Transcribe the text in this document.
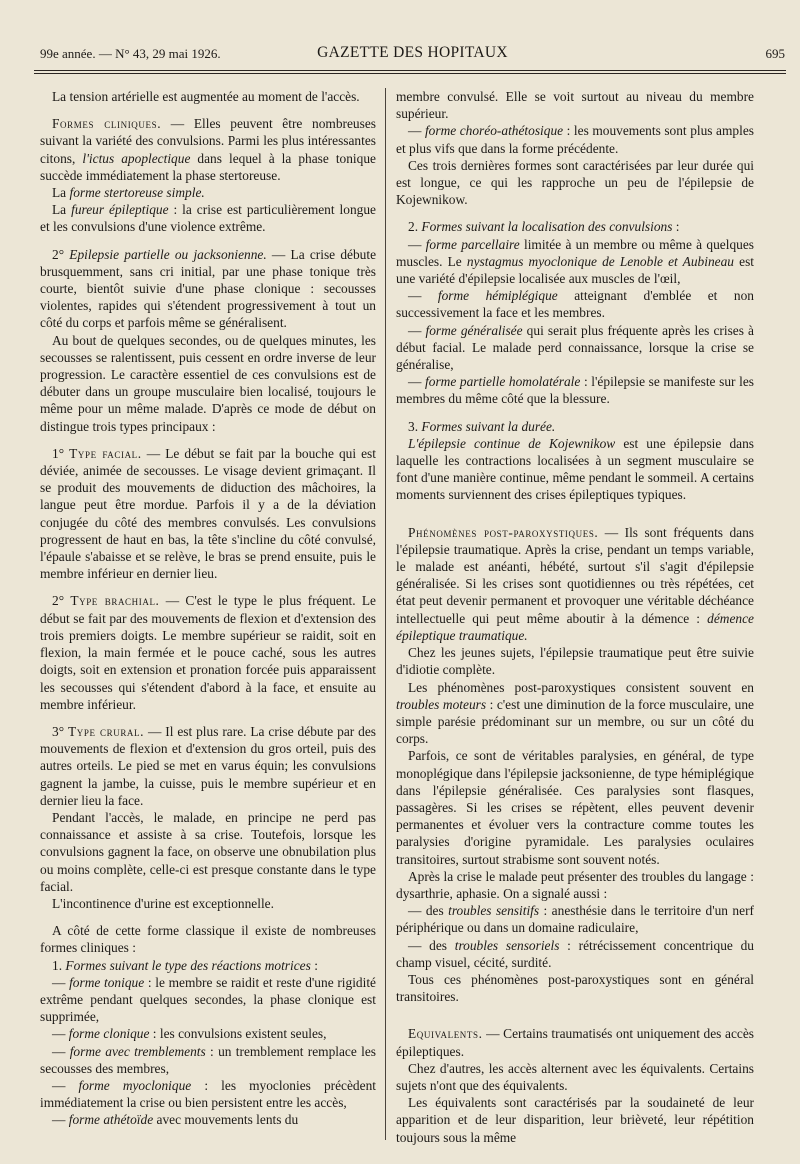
99e année. — N° 43, 29 mai 1926.	GAZETTE DES HOPITAUX	695

La tension artérielle est augmentée au moment de l'accès.

Formes cliniques. — Elles peuvent être nombreuses suivant la variété des convulsions. Parmi les plus intéressantes citons, l'ictus apoplectique dans lequel à la phase tonique succède immédiatement la phase stertoreuse.

La forme stertoreuse simple.

La fureur épileptique : la crise est particulièrement longue et les convulsions d'une violence extrême.

2° Epilepsie partielle ou jacksonienne. — La crise débute brusquemment, sans cri initial, par une phase tonique très courte, bientôt suivie d'une phase clonique : secousses violentes, rapides qui s'étendent progressivement à tout un côté du corps et parfois même se généralisent.

Au bout de quelques secondes, ou de quelques minutes, les secousses se ralentissent, puis cessent en ordre inverse de leur progression. Le caractère essentiel de ces convulsions est de débuter dans un groupe musculaire bien localisé, toujours le même pour un même malade. D'après ce mode de début on distingue trois types principaux :

1° Type facial. — Le début se fait par la bouche qui est déviée, animée de secousses. Le visage devient grimaçant. Il se produit des mouvements de diduction des mâchoires, la langue peut être mordue. Parfois il y a de la déviation conjugée du côté des membres convulsés. Les convulsions progressent de haut en bas, la tête s'incline du côté convulsé, l'épaule s'abaisse et se relève, le bras se prend ensuite, puis le membre inférieur en dernier lieu.

2° Type brachial. — C'est le type le plus fréquent. Le début se fait par des mouvements de flexion et d'extension des trois premiers doigts. Le membre supérieur se raidit, soit en flexion, la main fermée et le pouce caché, sous les autres doigts, soit en extension et pronation forcée puis apparaissent les secousses qui s'étendent d'abord à la face, et ensuite au membre inférieur.

3° Type crural. — Il est plus rare. La crise débute par des mouvements de flexion et d'extension du gros orteil, puis des autres orteils. Le pied se met en varus équin; les convulsions gagnent la jambe, la cuisse, puis le membre supérieur et en dernier lieu la face.

Pendant l'accès, le malade, en principe ne perd pas connaissance et assiste à sa crise. Toutefois, lorsque les convulsions gagnent la face, on observe une obnubilation plus ou moins complète, celle-ci est presque constante dans le type facial.

L'incontinence d'urine est exceptionnelle.

A côté de cette forme classique il existe de nombreuses formes cliniques :

1. Formes suivant le type des réactions motrices :

— forme tonique : le membre se raidit et reste d'une rigidité extrême pendant quelques secondes, la phase clonique est supprimée,

— forme clonique : les convulsions existent seules,

— forme avec tremblements : un tremblement remplace les secousses des membres,

— forme myoclonique : les myoclonies précèdent immédiatement la crise ou bien persistent entre les accès,

— forme athétoïde avec mouvements lents du

membre convulsé. Elle se voit surtout au niveau du membre supérieur.

— forme choréo-athétosique : les mouvements sont plus amples et plus vifs que dans la forme précédente.

Ces trois dernières formes sont caractérisées par leur durée qui est longue, ce qui les rapproche un peu de l'épilepsie de Kojewnikow.

2. Formes suivant la localisation des convulsions :

— forme parcellaire limitée à un membre ou même à quelques muscles. Le nystagmus myoclonique de Lenoble et Aubineau est une variété d'épilepsie localisée aux muscles de l'œil,

— forme hémiplégique atteignant d'emblée et non successivement la face et les membres.

— forme généralisée qui serait plus fréquente après les crises à début facial. Le malade perd connaissance, lorsque la crise se généralise,

— forme partielle homolatérale : l'épilepsie se manifeste sur les membres du même côté que la blessure.

3. Formes suivant la durée.

L'épilepsie continue de Kojewnikow est une épilepsie dans laquelle les contractions localisées à un segment musculaire se font d'une manière continue, même pendant le sommeil. A certains moments surviennent des crises épileptiques typiques.

Phénomènes post-paroxystiques. — Ils sont fréquents dans l'épilepsie traumatique. Après la crise, pendant un temps variable, le malade est anéanti, hébété, surtout s'il s'agit d'épilepsie généralisée. Si les crises sont quotidiennes ou très répétées, cet état peut devenir permanent et provoquer une véritable déchéance intellectuelle qui peut même aboutir à la démence : démence épileptique traumatique.

Chez les jeunes sujets, l'épilepsie traumatique peut être suivie d'idiotie complète.

Les phénomènes post-paroxystiques consistent souvent en troubles moteurs : c'est une diminution de la force musculaire, une simple parésie prédominant sur un membre, ou sur un côté du corps.

Parfois, ce sont de véritables paralysies, en général, de type monoplégique dans l'épilepsie jacksonienne, de type hémiplégique dans l'épilepsie généralisée. Ces paralysies sont flasques, passagères. Si les crises se répètent, elles peuvent devenir permanentes et évoluer vers la contracture comme toutes les paralysies d'origine pyramidale. Les paralysies oculaires transitoires, surtout strabisme sont souvent notés.

Après la crise le malade peut présenter des troubles du langage : dysarthrie, aphasie. On a signalé aussi :

— des troubles sensitifs : anesthésie dans le territoire d'un nerf périphérique ou dans un domaine radiculaire,

— des troubles sensoriels : rétrécissement concentrique du champ visuel, cécité, surdité.

Tous ces phénomènes post-paroxystiques sont en général transitoires.

Equivalents. — Certains traumatisés ont uniquement des accès épileptiques.

Chez d'autres, les accès alternent avec les équivalents. Certains sujets n'ont que des équivalents.

Les équivalents sont caractérisés par la soudaineté de leur apparition et de leur disparition, leur brièveté, leur répétition toujours sous la même
